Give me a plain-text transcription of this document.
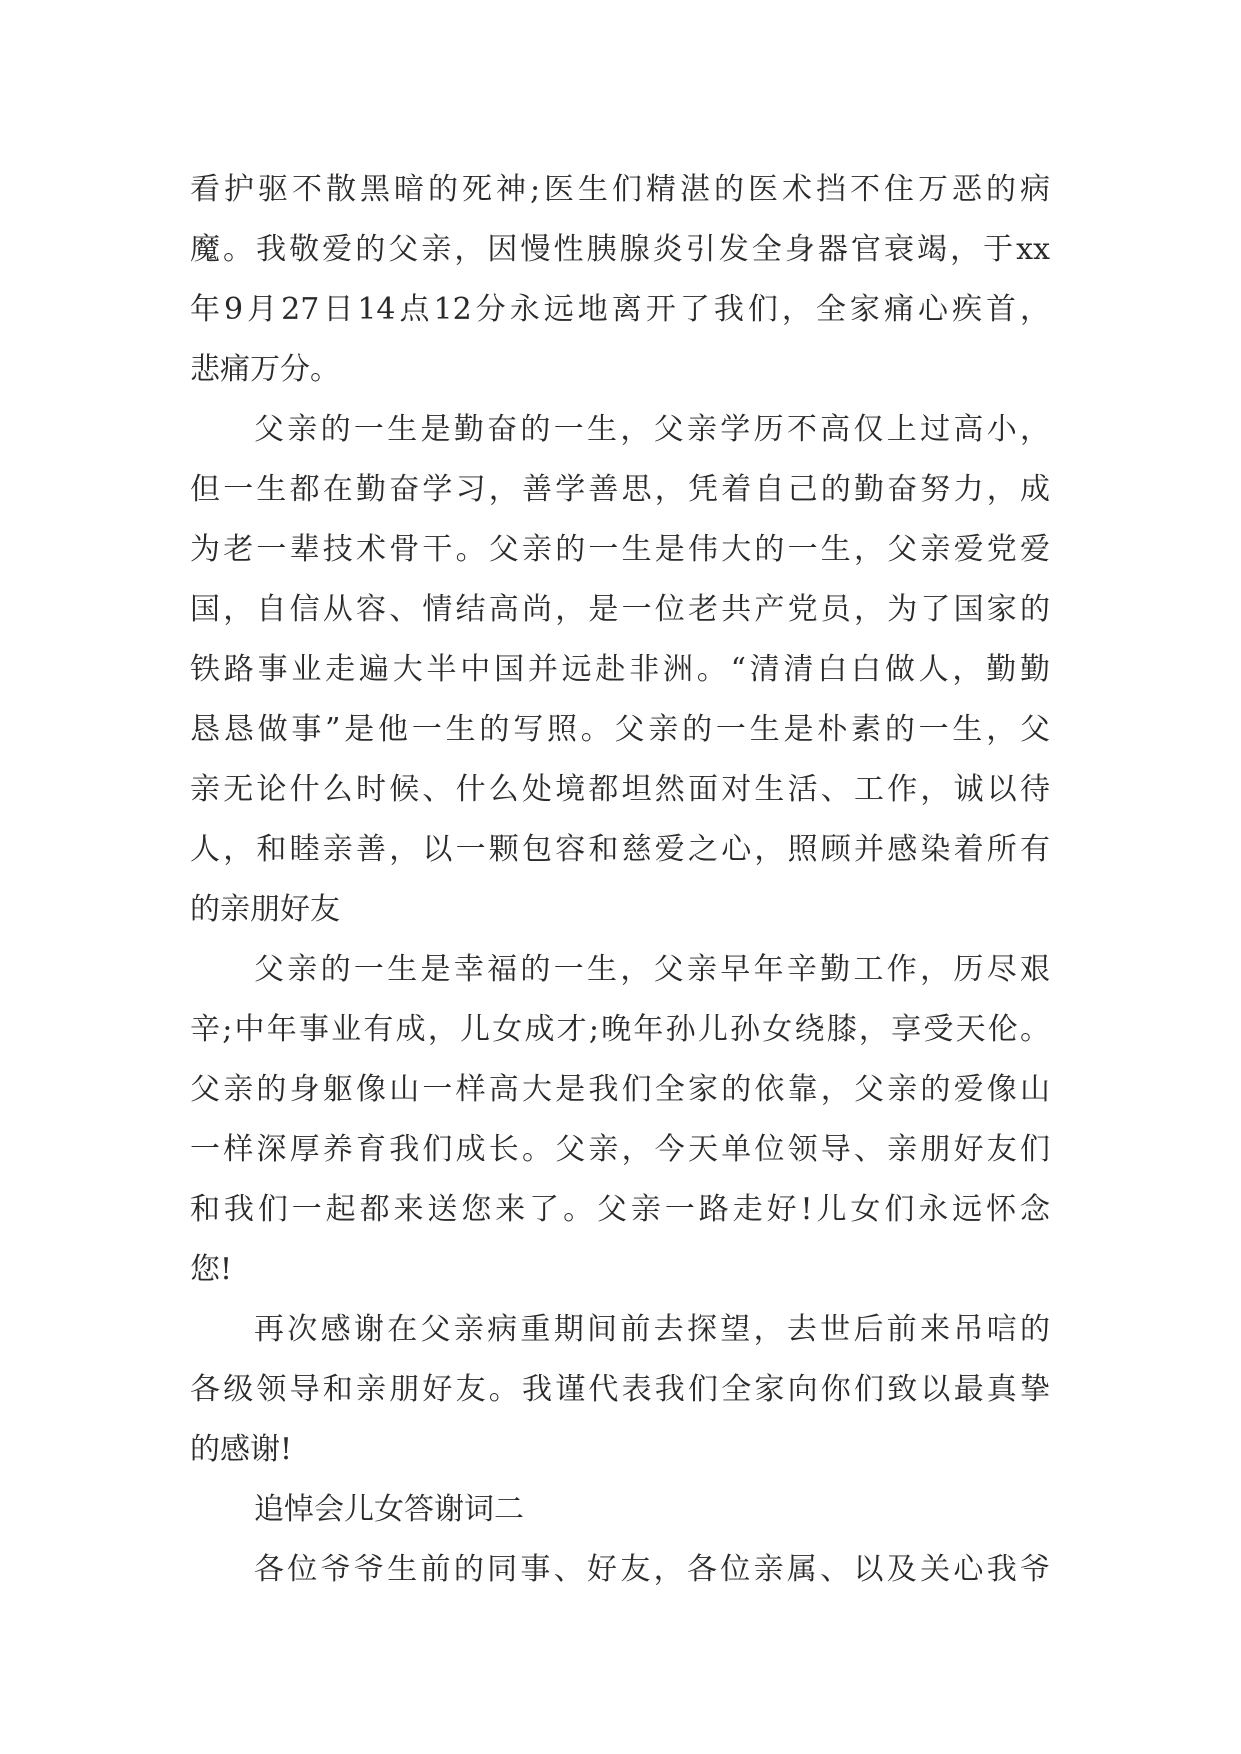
看护驱不散黑暗的死神;医生们精湛的医术挡不住万恶的病
魔。我敬爱的父亲，因慢性胰腺炎引发全身器官衰竭，于xx
年9月27日14点12分永远地离开了我们，全家痛心疾首，
悲痛万分。
父亲的一生是勤奋的一生，父亲学历不高仅上过高小，
但一生都在勤奋学习，善学善思，凭着自己的勤奋努力，成
为老一辈技术骨干。父亲的一生是伟大的一生，父亲爱党爱
国，自信从容、情结高尚，是一位老共产党员，为了国家的
铁路事业走遍大半中国并远赴非洲。“清清白白做人，勤勤
恳恳做事”是他一生的写照。父亲的一生是朴素的一生，父
亲无论什么时候、什么处境都坦然面对生活、工作，诚以待
人，和睦亲善，以一颗包容和慈爱之心，照顾并感染着所有
的亲朋好友
父亲的一生是幸福的一生，父亲早年辛勤工作，历尽艰
辛;中年事业有成，儿女成才;晚年孙儿孙女绕膝，享受天伦。
父亲的身躯像山一样高大是我们全家的依靠，父亲的爱像山
一样深厚养育我们成长。父亲，今天单位领导、亲朋好友们
和我们一起都来送您来了。父亲一路走好!儿女们永远怀念
您!
再次感谢在父亲病重期间前去探望，去世后前来吊唁的
各级领导和亲朋好友。我谨代表我们全家向你们致以最真挚
的感谢!
追悼会儿女答谢词二
各位爷爷生前的同事、好友，各位亲属、以及关心我爷
